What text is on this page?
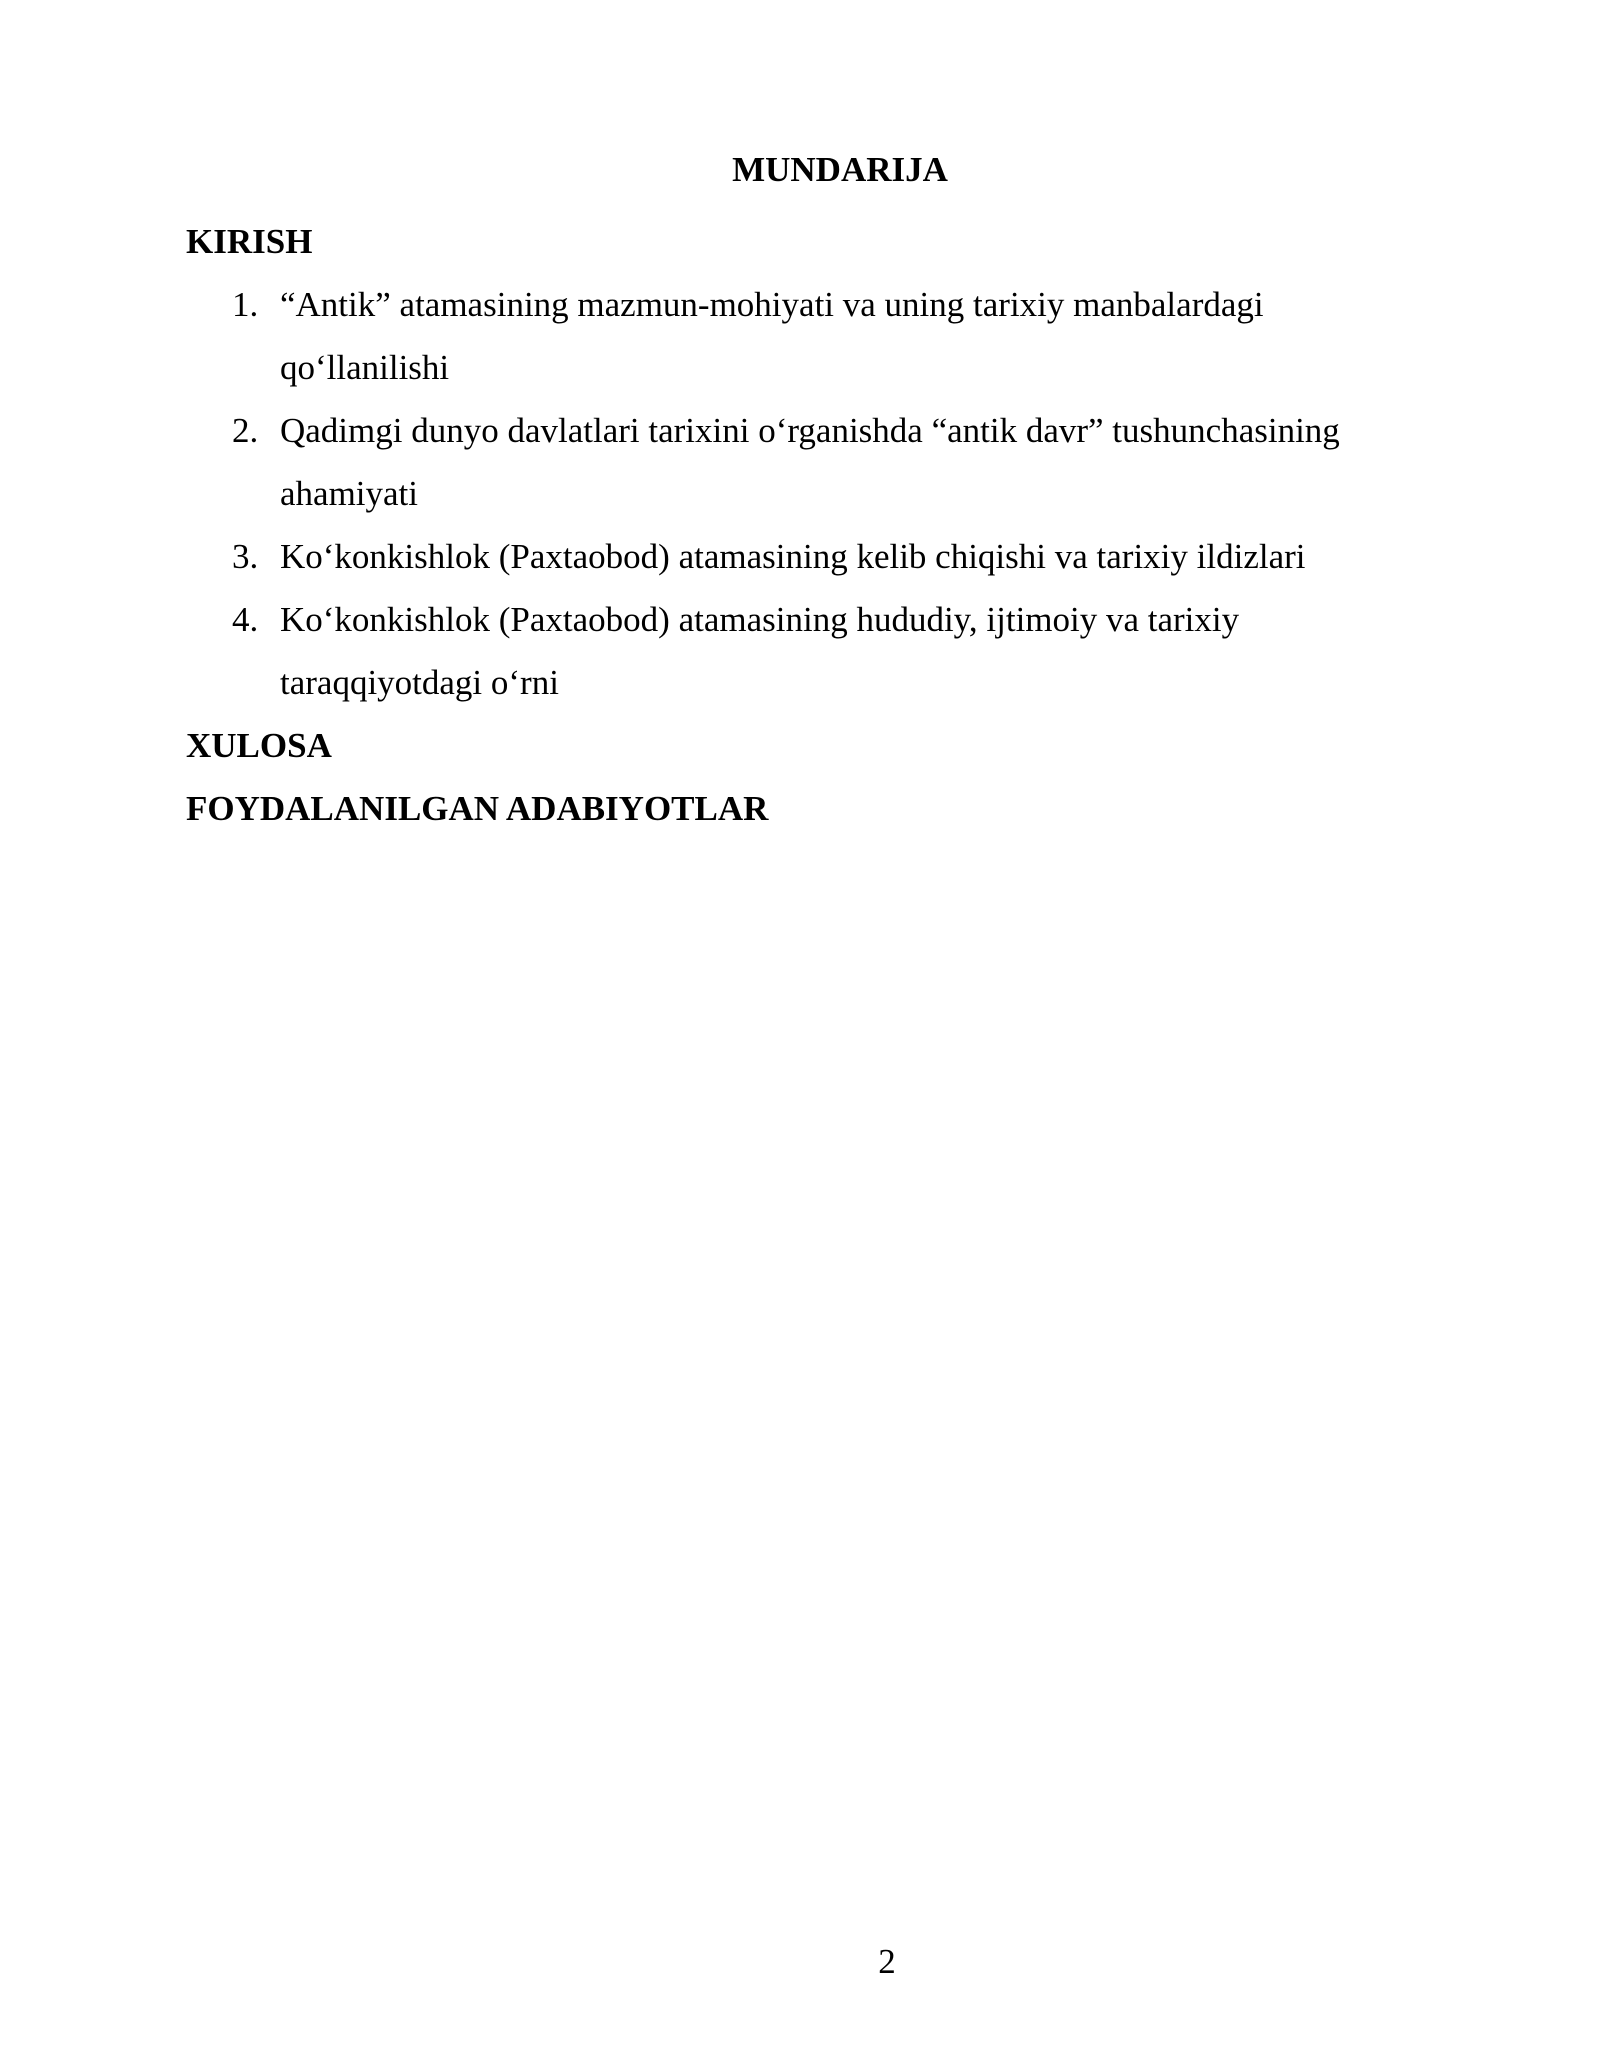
MUNDARIJA

KIRISH

1. “Antik” atamasining mazmun-mohiyati va uning tarixiy manbalardagi qo‘llanilishi
2. Qadimgi dunyo davlatlari tarixini o‘rganishda “antik davr” tushunchasining ahamiyati
3. Ko‘konkishlok (Paxtaobod) atamasining kelib chiqishi va tarixiy ildizlari
4. Ko‘konkishlok (Paxtaobod) atamasining hududiy, ijtimoiy va tarixiy taraqqiyotdagi o‘rni

XULOSA

FOYDALANILGAN ADABIYOTLAR

2
